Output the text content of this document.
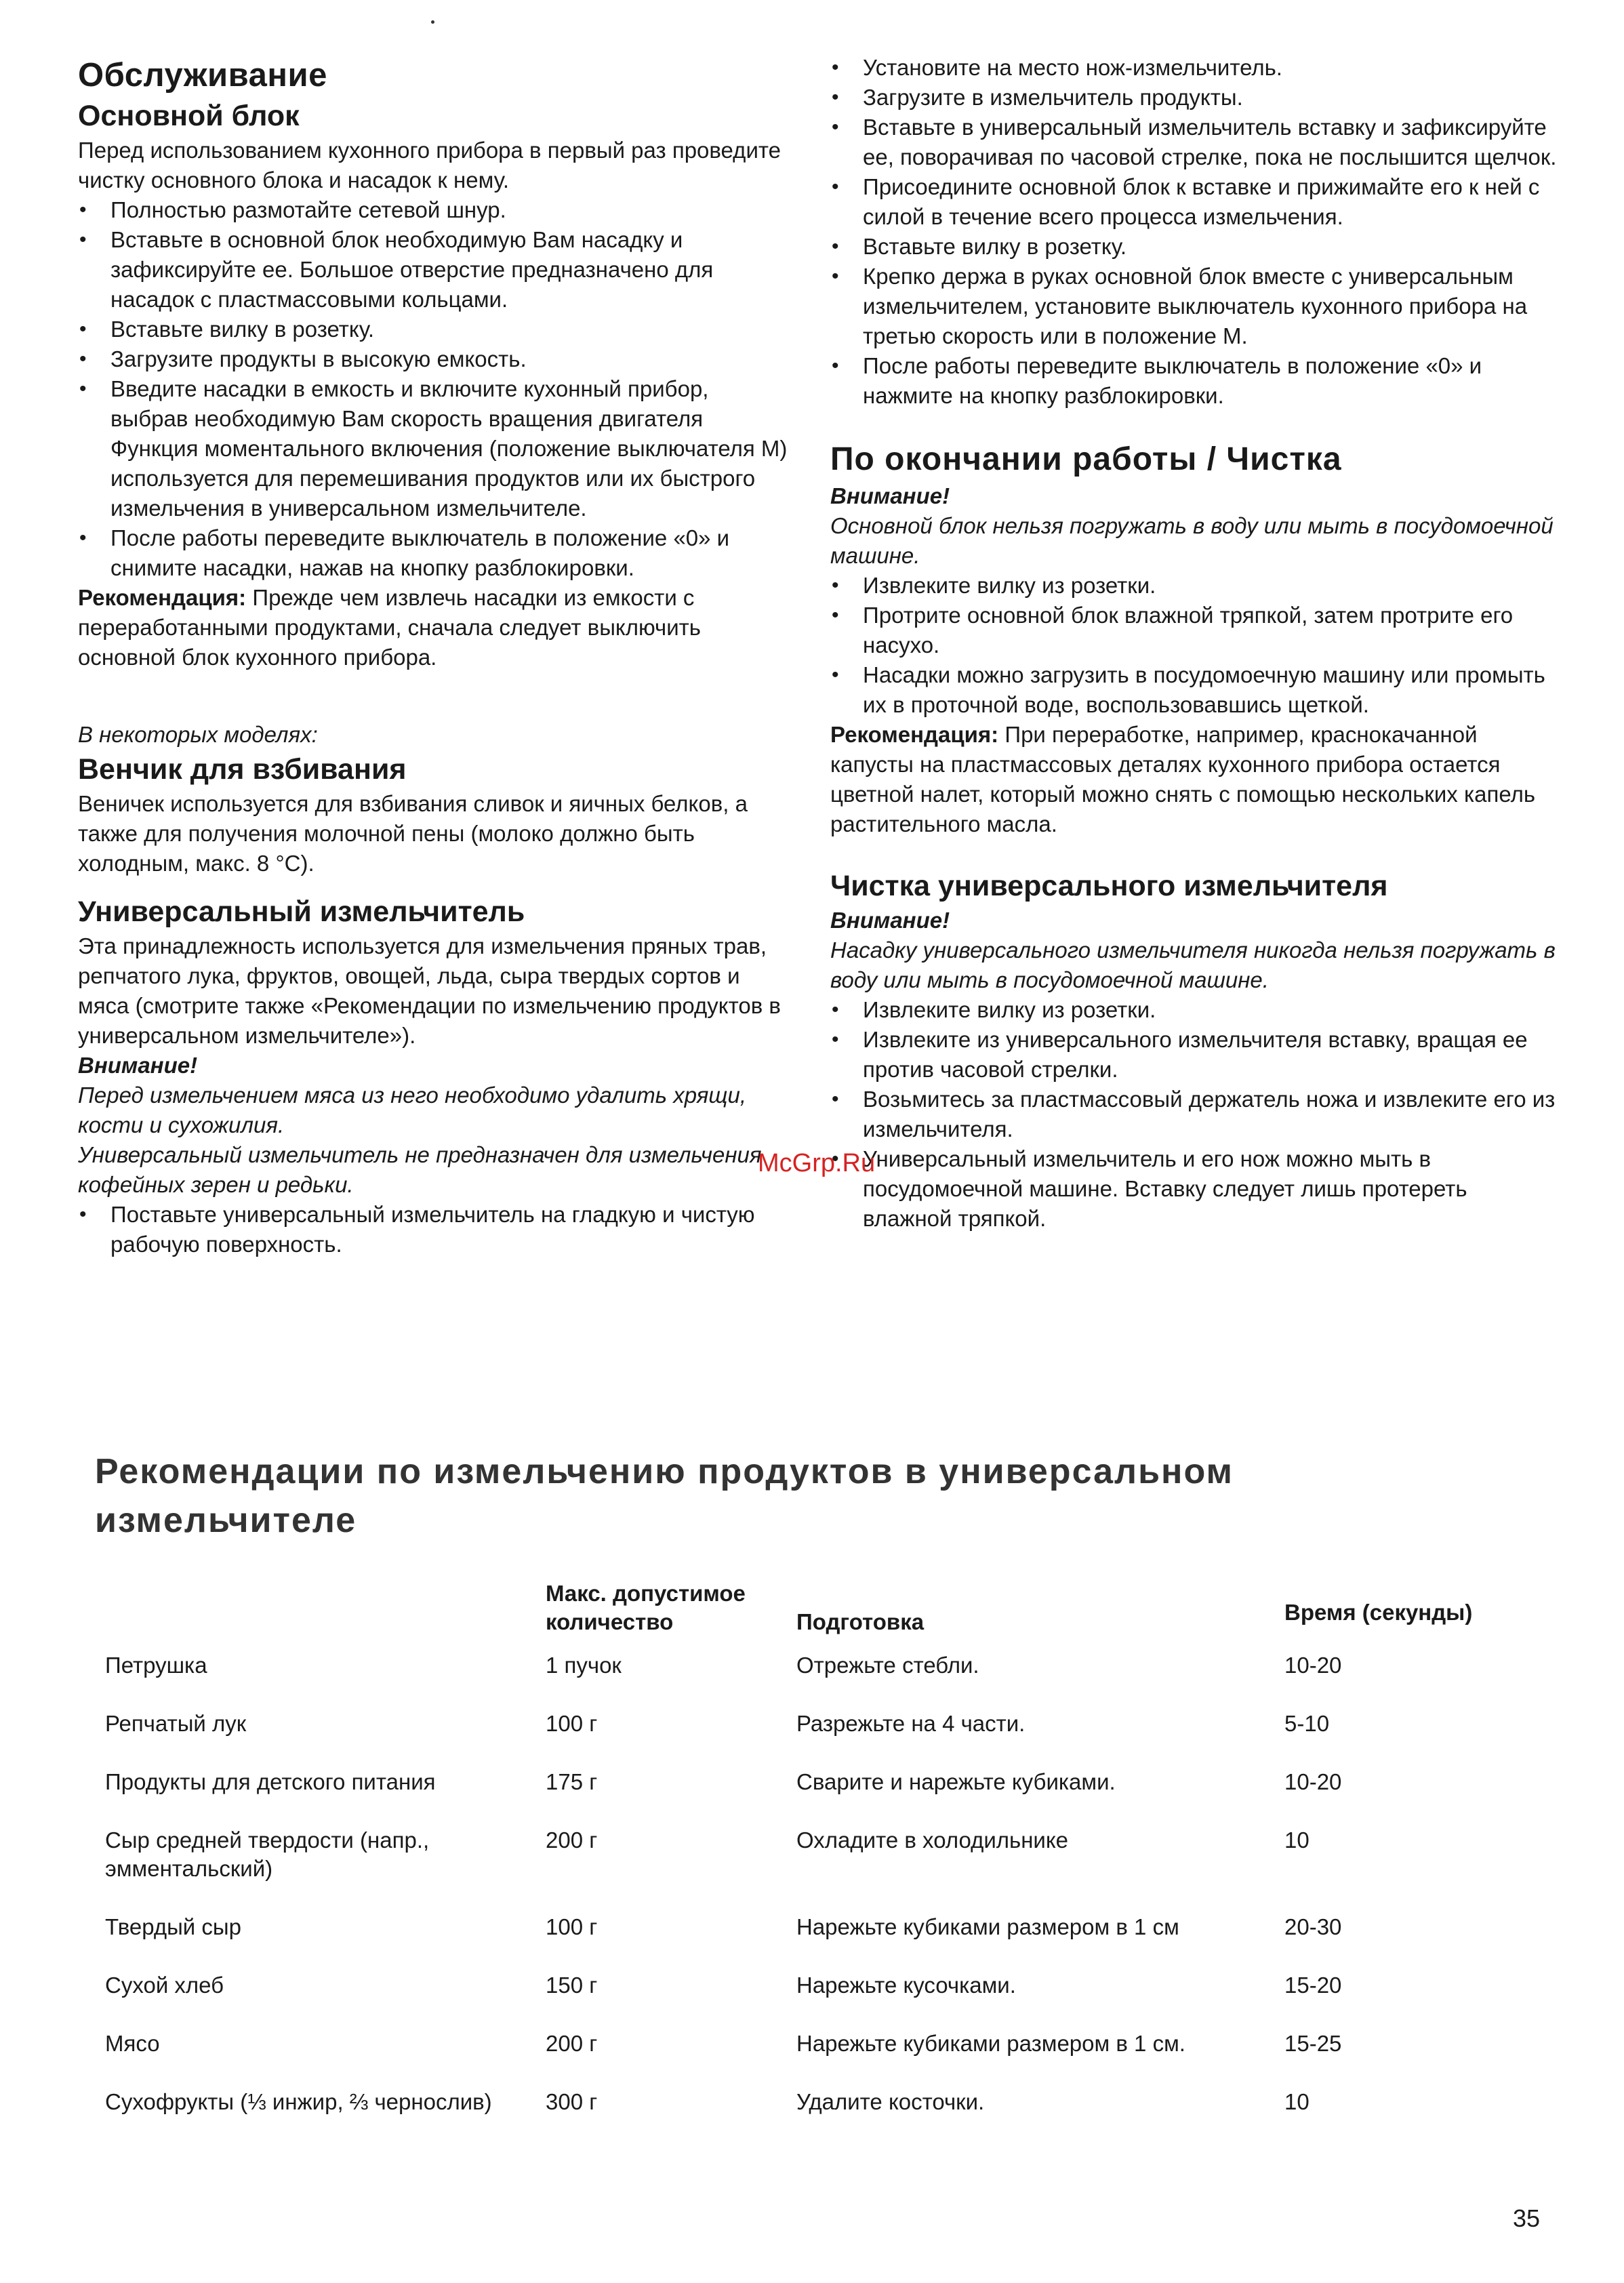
Обслуживание

Основной блок

Перед использованием кухонного прибора в первый раз проведите чистку основного блока и насадок к нему.

• Полностью размотайте сетевой шнур.
• Вставьте в основной блок необходимую Вам насадку и зафиксируйте ее. Большое отверстие предназначено для насадок с пластмассовыми кольцами.
• Вставьте вилку в розетку.
• Загрузите продукты в высокую емкость.
• Введите насадки в емкость и включите кухонный прибор, выбрав необходимую Вам скорость вращения двигателя Функция моментального включения (положение выключателя M) используется для перемешивания продуктов или их быстрого измельчения в универсальном измельчителе.
• После работы переведите выключатель в положение «0» и снимите насадки, нажав на кнопку разблокировки.

Рекомендация: Прежде чем извлечь насадки из емкости с переработанными продуктами, сначала следует выключить основной блок кухонного прибора.

В некоторых моделях:

Венчик для взбивания

Веничек используется для взбивания сливок и яичных белков, а также для получения молочной пены (молоко должно быть холодным, макс. 8 °C).

Универсальный измельчитель

Эта принадлежность используется для измельчения пряных трав, репчатого лука, фруктов, овощей, льда, сыра твердых сортов и мяса (смотрите также «Рекомендации по измельчению продуктов в универсальном измельчителе»).

Внимание!

Перед измельчением мяса из него необходимо удалить хрящи, кости и сухожилия.

Универсальный измельчитель не предназначен для измельчения кофейных зерен и редьки.

• Поставьте универсальный измельчитель на гладкую и чистую рабочую поверхность.
• Установите на место нож-измельчитель.
• Загрузите в измельчитель продукты.
• Вставьте в универсальный измельчитель вставку и зафиксируйте ее, поворачивая по часовой стрелке, пока не послышится щелчок.
• Присоедините основной блок к вставке и прижимайте его к ней с силой в течение всего процесса измельчения.
• Вставьте вилку в розетку.
• Крепко держа в руках основной блок вместе с универсальным измельчителем, установите выключатель кухонного прибора на третью скорость или в положение M.
• После работы переведите выключатель в положение «0» и нажмите на кнопку разблокировки.

По окончании работы / Чистка

Внимание!

Основной блок нельзя погружать в воду или мыть в посудомоечной машине.

• Извлеките вилку из розетки.
• Протрите основной блок влажной тряпкой, затем протрите его насухо.
• Насадки можно загрузить в посудомоечную машину или промыть их в проточной воде, воспользовавшись щеткой.

Рекомендация: При переработке, например, краснокачанной капусты на пластмассовых деталях кухонного прибора остается цветной налет, который можно снять с помощью нескольких капель растительного масла.

Чистка универсального измельчителя

Внимание!

Насадку универсального измельчителя никогда нельзя погружать в воду или мыть в посудомоечной машине.

• Извлеките вилку из розетки.
• Извлеките из универсального измельчителя вставку, вращая ее против часовой стрелки.
• Возьмитесь за пластмассовый держатель ножа и извлеките его из измельчителя.
• Универсальный измельчитель и его нож можно мыть в посудомоечной машине. Вставку следует лишь протереть влажной тряпкой.
McGrp.Ru

Рекомендации по измельчению продуктов в универсальном измельчителе

	Макс. допустимое количество	Подготовка	Время (секунды)
Петрушка	1 пучок	Отрежьте стебли.	10-20
Репчатый лук	100 г	Разрежьте на 4 части.	5-10
Продукты для детского питания	175 г	Сварите и нарежьте кубиками.	10-20
Сыр средней твердости (напр., эмментальский)	200 г	Охладите в холодильнике	10
Твердый сыр	100 г	Нарежьте кубиками размером в 1 см	20-30
Сухой хлеб	150 г	Нарежьте кусочками.	15-20
Мясо	200 г	Нарежьте кубиками размером в 1 см.	15-25
Сухофрукты (⅓ инжир, ⅔ чернослив)	300 г	Удалите косточки.	10
35
